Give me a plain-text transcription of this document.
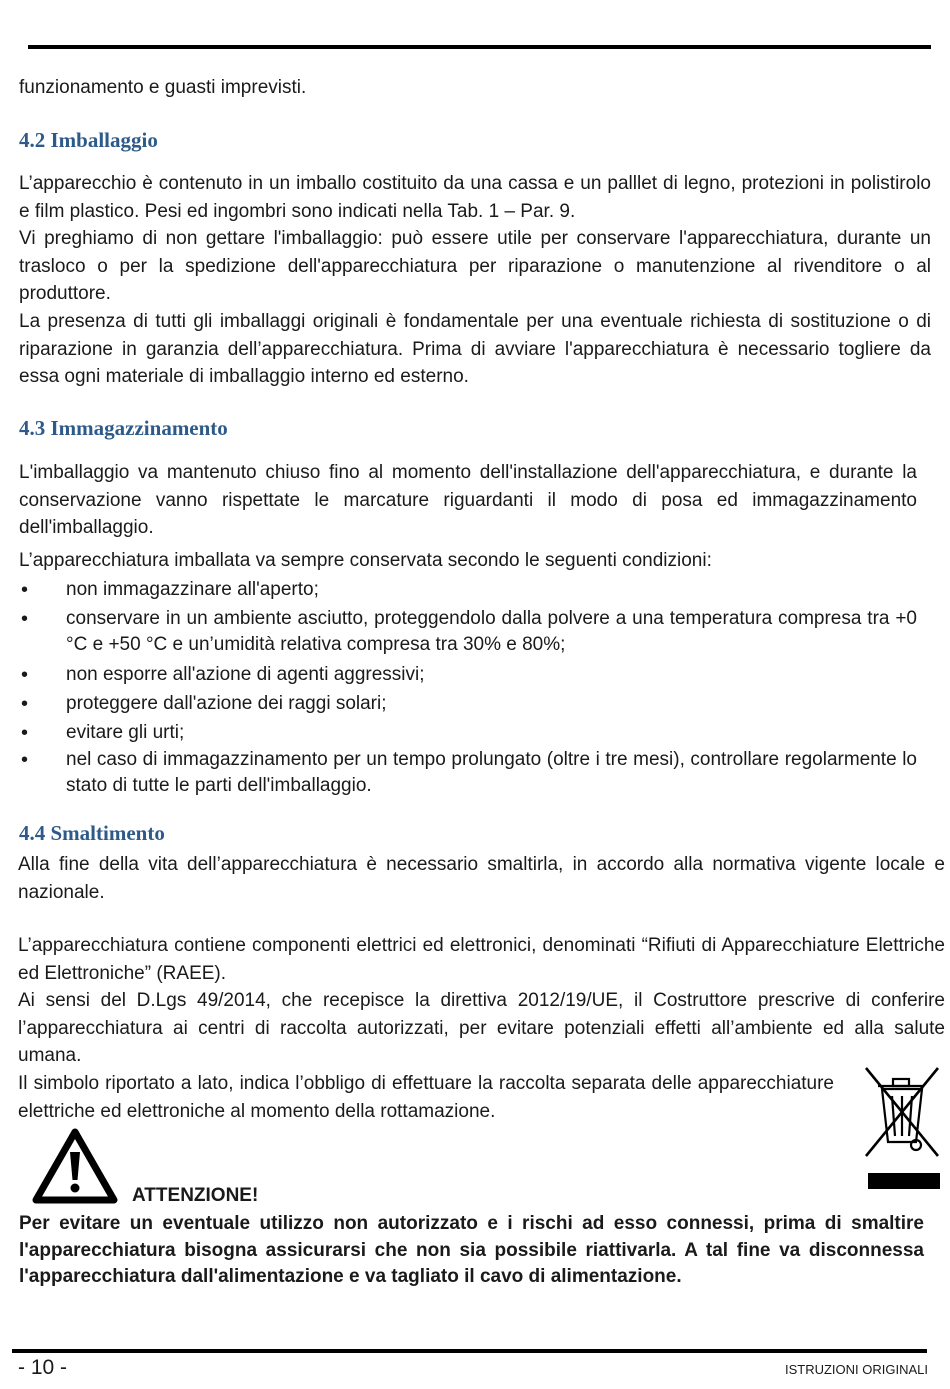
funzionamento e guasti imprevisti.
4.2 Imballaggio
L’apparecchio è contenuto in un imballo costituito da una cassa e un palllet di legno, protezioni in polistirolo e film plastico. Pesi ed ingombri sono indicati nella Tab. 1 – Par. 9.
Vi preghiamo di non gettare l'imballaggio: può essere utile per conservare l'apparecchiatura, durante un trasloco o per la spedizione dell'apparecchiatura per riparazione o manutenzione al rivenditore o al produttore.
La presenza di tutti gli imballaggi originali è fondamentale per una eventuale richiesta di sostituzione o di riparazione in garanzia dell’apparecchiatura. Prima di avviare l'apparecchiatura è necessario togliere da essa ogni materiale di imballaggio interno ed esterno.
4.3 Immagazzinamento
L'imballaggio va mantenuto chiuso fino al momento dell'installazione dell'apparecchiatura, e durante la conservazione vanno rispettate le marcature riguardanti il modo di posa ed immagazzinamento dell'imballaggio.
L’apparecchiatura imballata va sempre conservata secondo le seguenti condizioni:
• non immagazzinare all'aperto;
• conservare in un ambiente asciutto, proteggendolo dalla polvere a una temperatura compresa tra +0 °C e +50 °C e un’umidità relativa compresa tra 30% e 80%;
• non esporre all'azione di agenti aggressivi;
• proteggere dall'azione dei raggi solari;
• evitare gli urti;
• nel caso di immagazzinamento per un tempo prolungato (oltre i tre mesi), controllare regolarmente lo stato di tutte le parti dell'imballaggio.
4.4 Smaltimento
Alla fine della vita dell’apparecchiatura è necessario smaltirla, in accordo alla normativa vigente locale e nazionale.
L’apparecchiatura contiene componenti elettrici ed elettronici, denominati “Rifiuti di Apparecchiature Elettriche ed Elettroniche” (RAEE).
Ai sensi del D.Lgs 49/2014, che recepisce la direttiva 2012/19/UE, il Costruttore prescrive di conferire l’apparecchiatura ai centri di raccolta autorizzati, per evitare potenziali effetti all’ambiente ed alla salute umana.
Il simbolo riportato a lato, indica l’obbligo di effettuare la raccolta separata delle apparecchiature elettriche ed elettroniche al momento della rottamazione.
ATTENZIONE!
Per evitare un eventuale utilizzo non autorizzato e i rischi ad esso connessi, prima di smaltire l'apparecchiatura bisogna assicurarsi che non sia possibile riattivarla. A tal fine va disconnessa l'apparecchiatura dall'alimentazione e va tagliato il cavo di alimentazione.
- 10 -	ISTRUZIONI ORIGINALI
